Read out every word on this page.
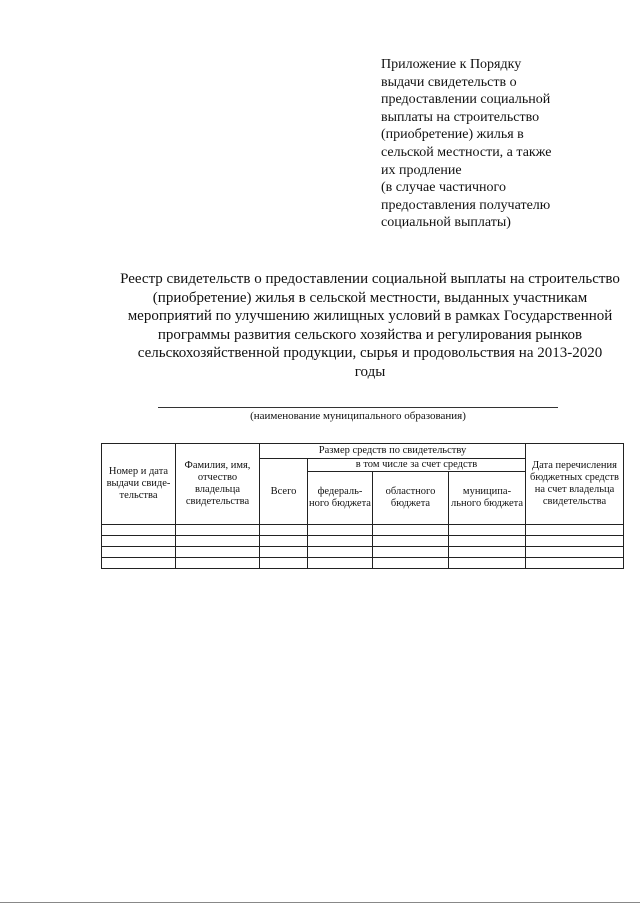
Приложение к Порядку
выдачи свидетельств о
предоставлении социальной
выплаты на строительство
(приобретение) жилья в
сельской местности, а также
их продление
(в случае частичного
предоставления получателю
социальной выплаты)
Реестр свидетельств о предоставлении социальной выплаты на строительство
(приобретение) жилья в сельской местности, выданных участникам
мероприятий по улучшению жилищных условий в рамках Государственной
программы развития сельского хозяйства и регулирования рынков
сельскохозяйственной продукции, сырья и продовольствия на 2013-2020
годы
(наименование муниципального образования)
Номер и дата выдачи свиде-тельства	Фамилия, имя, отчество владельца свидетельства	Размер средств по свидетельству				Дата перечисления бюджетных средств на счет владельца свидетельства
		Всего	в том числе за счет средств			
			федераль-ного бюджета	областного бюджета	муниципа-льного бюджета	
